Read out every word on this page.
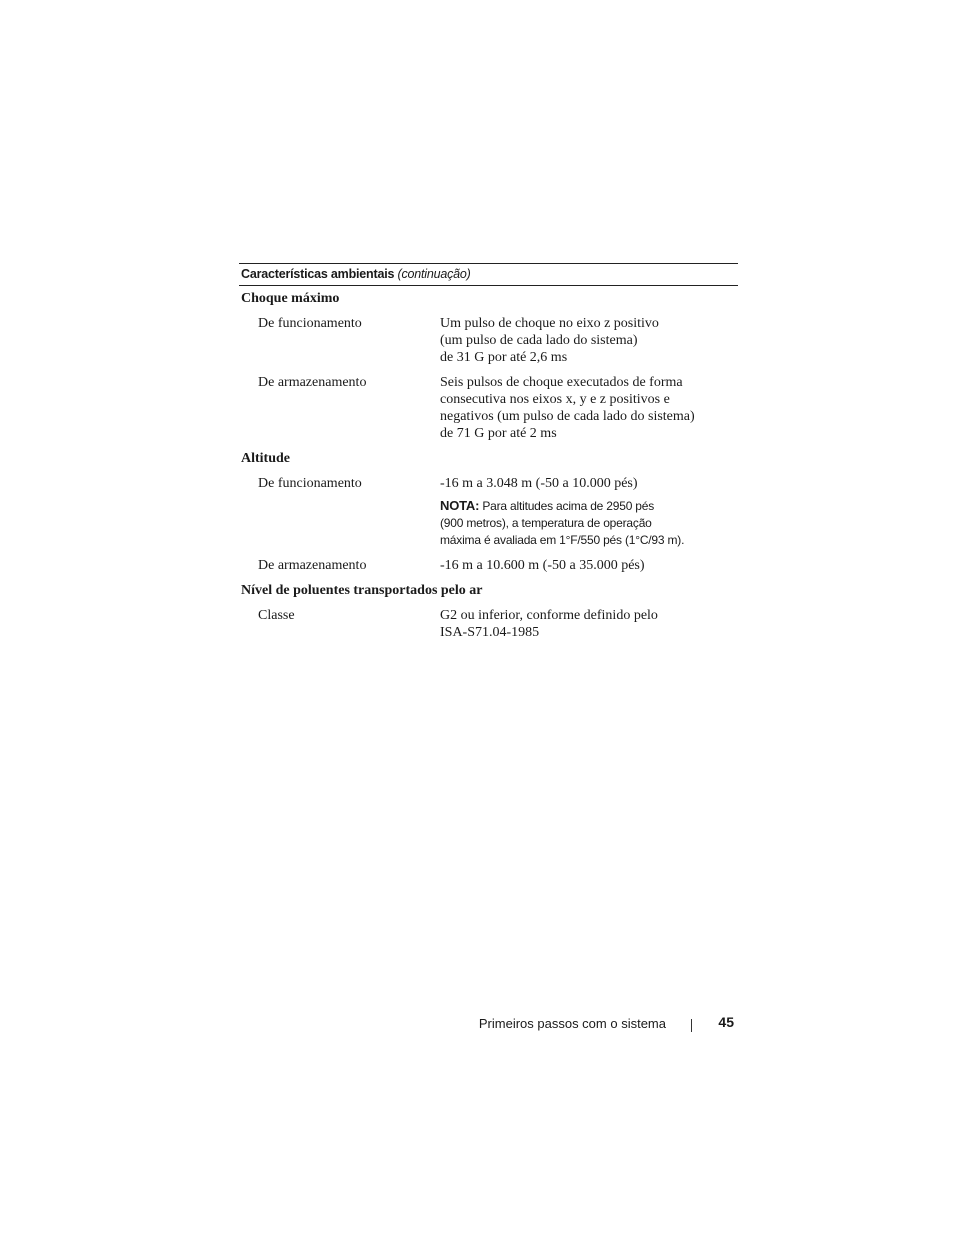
Características ambientais (continuação)
Choque máximo
De funcionamento	Um pulso de choque no eixo z positivo
(um pulso de cada lado do sistema)
de 31 G por até 2,6 ms
De armazenamento	Seis pulsos de choque executados de forma
consecutiva nos eixos x, y e z positivos e
negativos (um pulso de cada lado do sistema)
de 71 G por até 2 ms
Altitude
De funcionamento	-16 m a 3.048 m (-50 a 10.000 pés)
NOTA: Para altitudes acima de 2950 pés
(900 metros), a temperatura de operação
máxima é avaliada em 1°F/550 pés (1°C/93 m).
De armazenamento	-16 m a 10.600 m (-50 a 35.000 pés)
Nível de poluentes transportados pelo ar
Classe	G2 ou inferior, conforme definido pelo
ISA-S71.04-1985
Primeiros passos com o sistema	45
